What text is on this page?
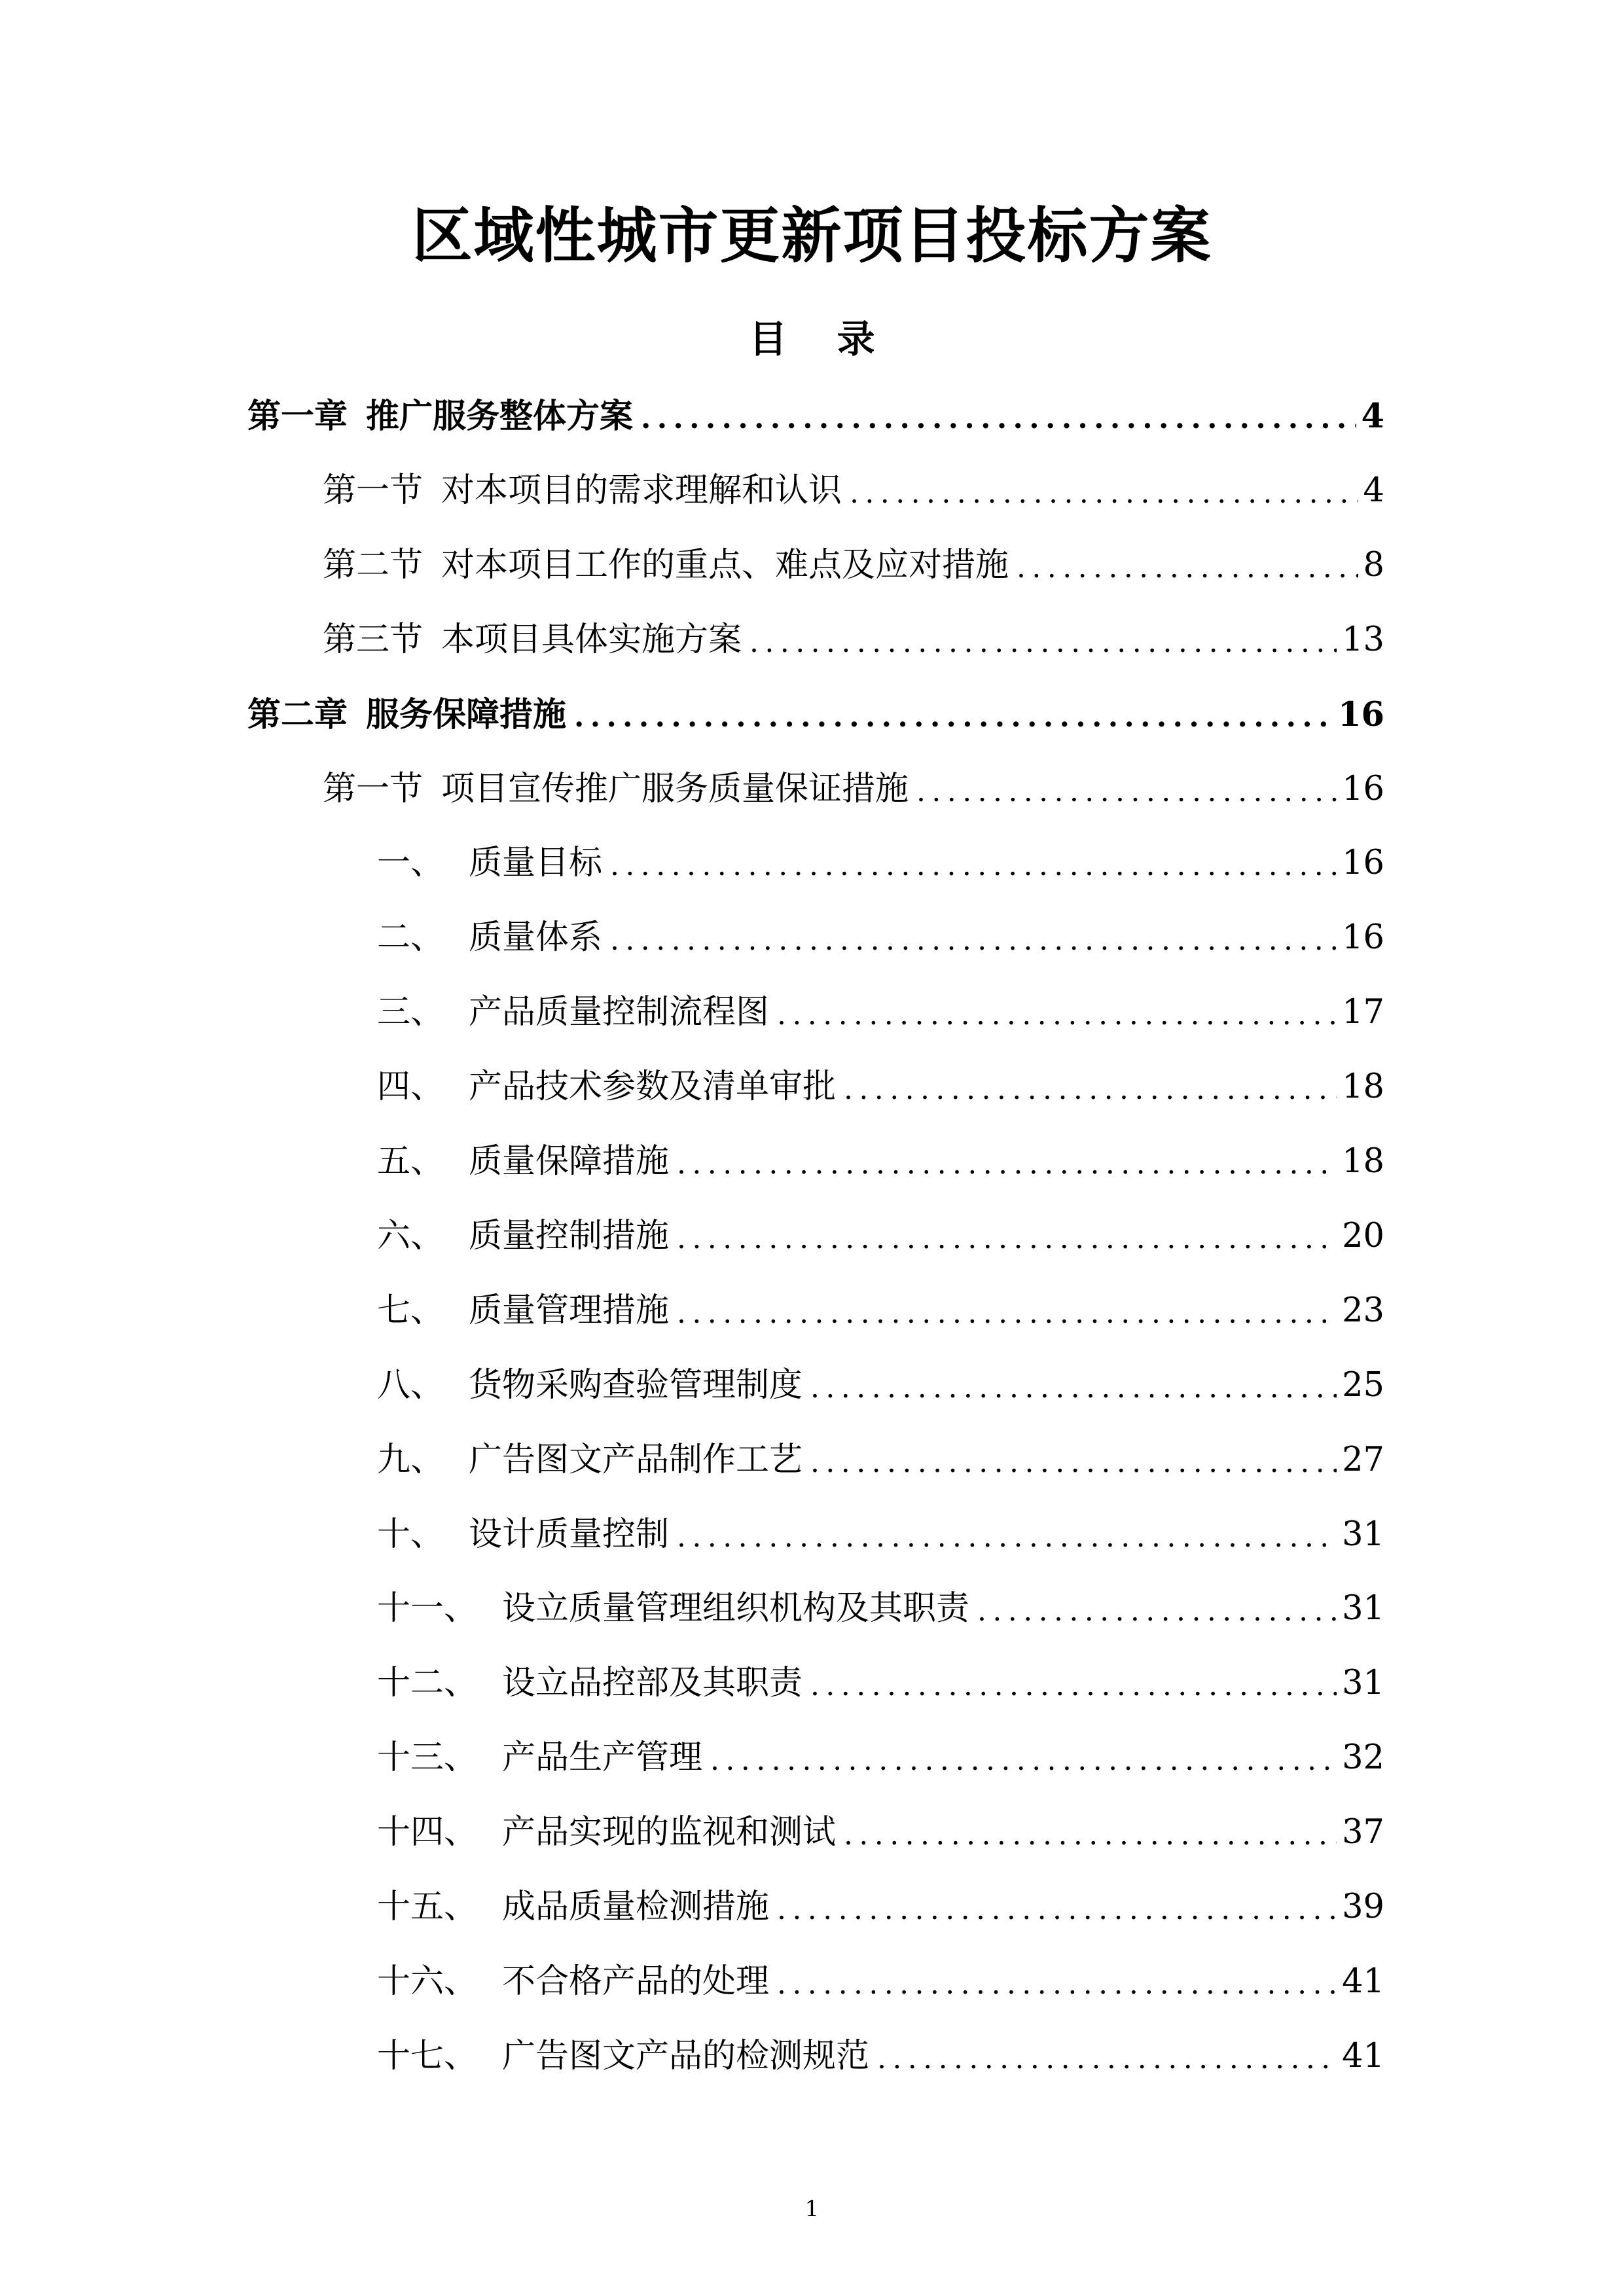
区域性城市更新项目投标方案
目 录
第一章 推广服务整体方案 .....	4
第一节 对本项目的需求理解和认识 .....	4
第二节 对本项目工作的重点、难点及应对措施 .....	8
第三节 本项目具体实施方案 .....	13
第二章 服务保障措施 .....	16
第一节 项目宣传推广服务质量保证措施 .....	16
一、 质量目标 .....	16
二、 质量体系 .....	16
三、 产品质量控制流程图 .....	17
四、 产品技术参数及清单审批 .....	18
五、 质量保障措施 .....	18
六、 质量控制措施 .....	20
七、 质量管理措施 .....	23
八、 货物采购查验管理制度 .....	25
九、 广告图文产品制作工艺 .....	27
十、 设计质量控制 .....	31
十一、 设立质量管理组织机构及其职责 .....	31
十二、 设立品控部及其职责 .....	31
十三、 产品生产管理 .....	32
十四、 产品实现的监视和测试 .....	37
十五、 成品质量检测措施 .....	39
十六、 不合格产品的处理 .....	41
十七、 广告图文产品的检测规范 .....	41
1
